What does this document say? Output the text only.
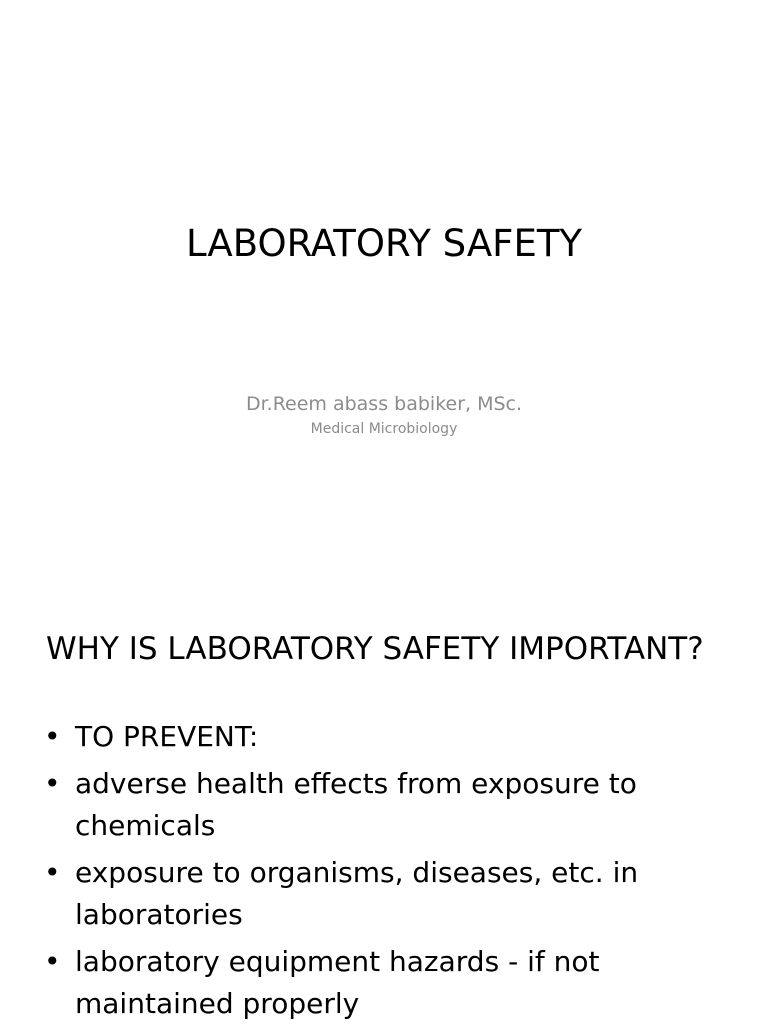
LABORATORY SAFETY
Dr.Reem abass babiker, MSc.
Medical Microbiology
WHY IS LABORATORY SAFETY IMPORTANT?
• TO PREVENT:
• adverse health effects from exposure to chemicals
• exposure to organisms, diseases, etc. in laboratories
• laboratory equipment hazards - if not maintained properly
